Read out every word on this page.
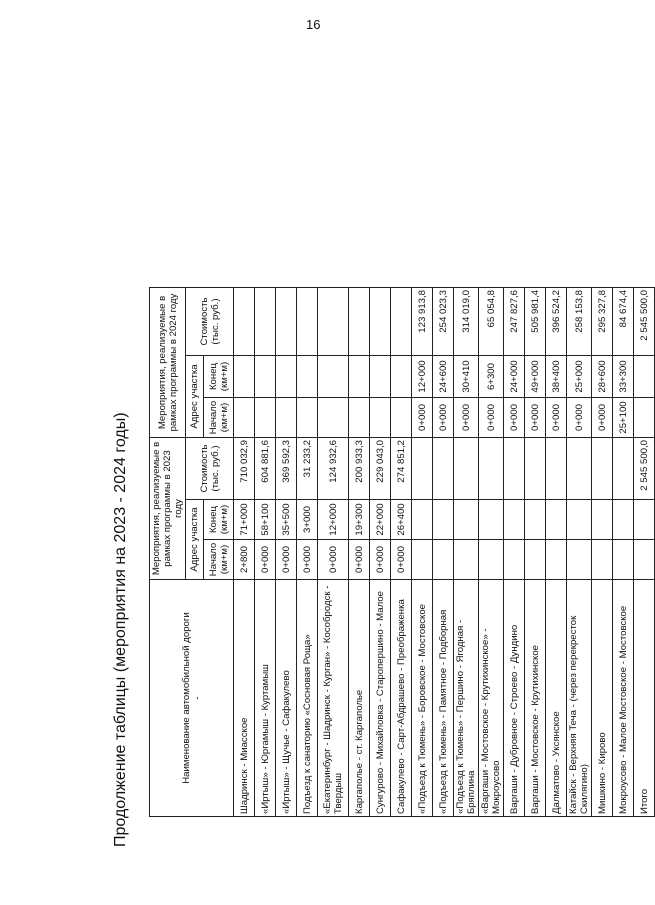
16
Продолжение таблицы (мероприятия на 2023 - 2024 годы)	Наименование автомобильной дороги
-	Мероприятия, реализуемые в рамках программы в 2023 году			Мероприятия, реализуемые в рамках программы в 2024 году		
	Адрес участка		Стоимость (тыс. руб.)	Адрес участка		Стоимость (тыс. руб.)
	Начало (км+м)	Конец (км+м)		Начало (км+м)	Конец (км+м)	
Шадринск - Миасское	2+800	71+000	710 032,9			
«Иртыш» - Юргамыш - Куртамыш	0+000	58+100	604 881,6			
«Иртыш» - Щучье - Сафакулево	0+000	35+500	369 592,3			
Подъезд к санаторию «Сосновая Роща»	0+000	3+000	31 233,2			
«Екатеринбург - Шадринск - Курган» - Кособродск - Твердыш	0+000	12+000	124 932,6			
Каргаполье - ст. Каргаполье	0+000	19+300	200 933,3			
Сунгурово - Михайловка - Старопершино - Малое	0+000	22+000	229 043,0			
Сафакулево - Сарт-Абдрашево - Преображенка	0+000	26+400	274 851,2			
«Подъезд к Тюмень» - Боровское - Мостовское				0+000	12+000	123 913,8
«Подъезд к Тюмень» - Памятное - Подборная				0+000	24+600	254 023,3
«Подъезд к Тюмень» - Першино - Ягодная - Бряплина				0+000	30+410	314 019,0
«Варгаши - Мостовское - Крутихинское» - Мокроусово				0+000	6+300	65 054,8
Варгаши - Дубровное - Строево - Дундино				0+000	24+000	247 827,6
Варгаши - Мостовское - Крутихинское				0+000	49+000	505 981,4
Далматово - Уксянское				0+000	38+400	396 524,2
Катайск - Верхняя Теча - (через перекресток Скилягино)				0+000	25+000	258 153,8
Мишкино - Кирово				0+000	28+600	295 327,8
Мокроусово - Малое Мостовское - Мостовское				25+100	33+300	84 674,4
Итого			2 545 500,0			2 545 500,0
